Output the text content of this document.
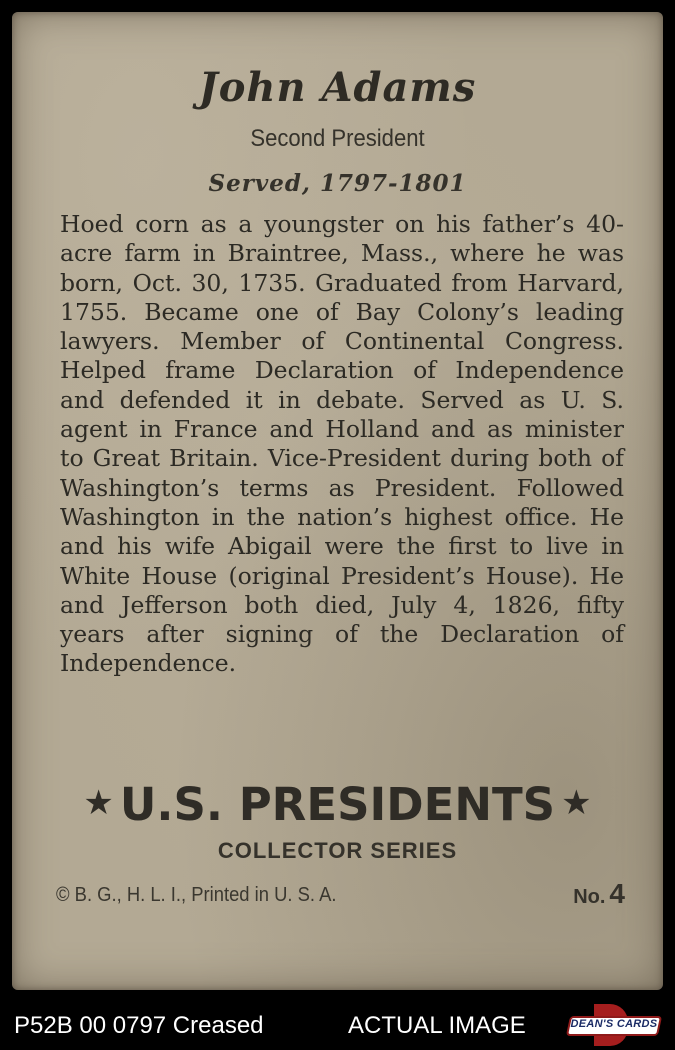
John Adams
Second President
Served, 1797-1801
Hoed corn as a youngster on his father’s 40-acre farm in Braintree, Mass., where he was born, Oct. 30, 1735. Graduated from Harvard, 1755. Became one of Bay Colony’s leading lawyers. Member of Continental Congress. Helped frame Declaration of Independence and defended it in debate. Served as U. S. agent in France and Holland and as minister to Great Britain. Vice-President during both of Washington’s terms as President. Followed Washington in the nation’s highest office. He and his wife Abigail were the first to live in White House (original President’s House). He and Jefferson both died, July 4, 1826, fifty years after signing of the Declaration of Independence.
★ U.S. PRESIDENTS ★
COLLECTOR SERIES
© B. G., H. L. I., Printed in U. S. A.	No. 4
P52B 00 0797 Creased	ACTUAL IMAGE	DEAN'S CARDS
